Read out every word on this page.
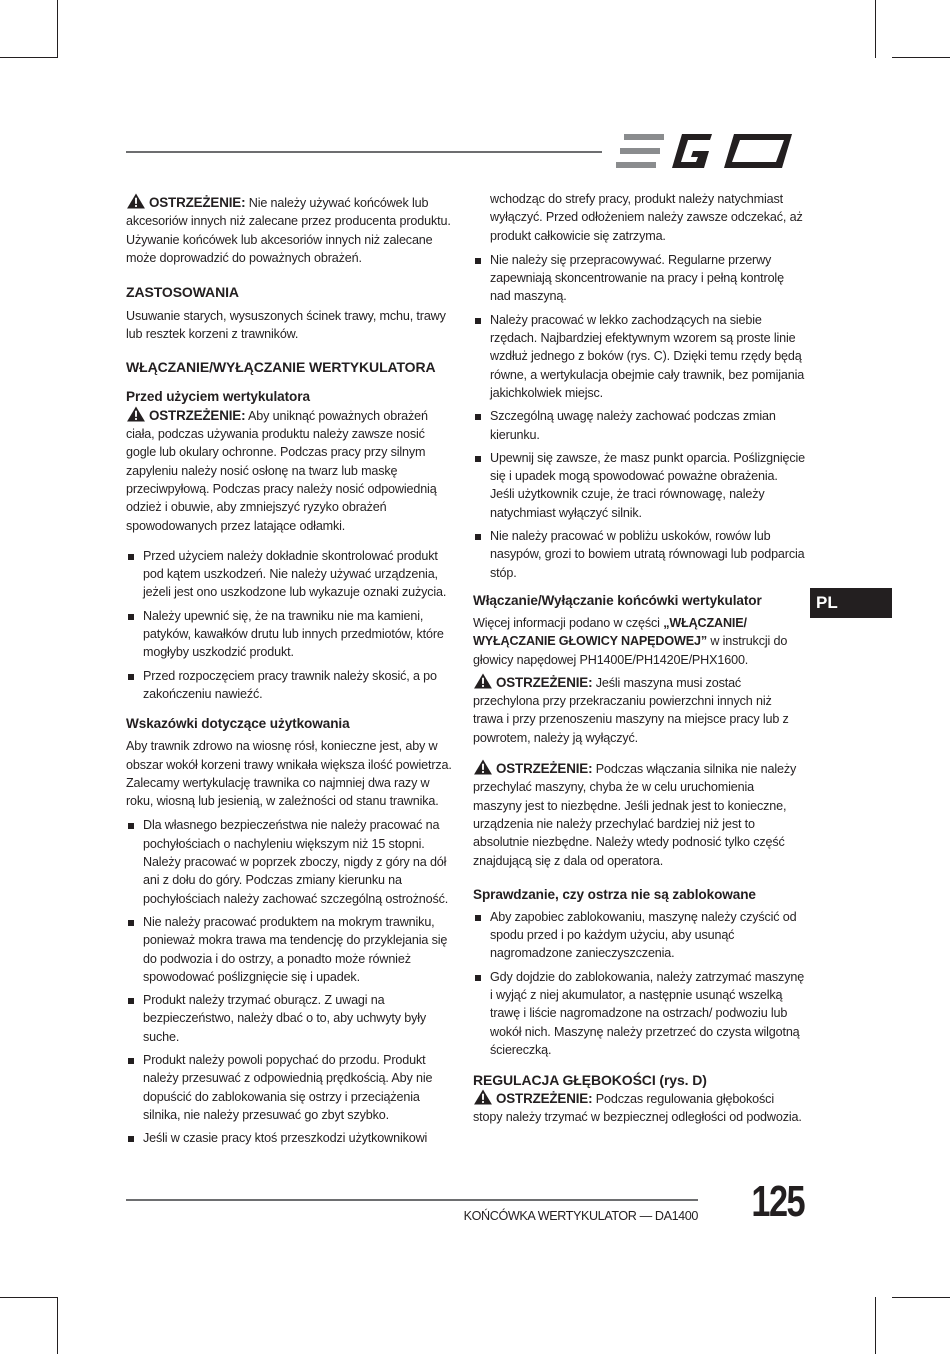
OSTRZEŻENIE: Nie należy używać końcówek lub akcesoriów innych niż zalecane przez producenta produktu. Używanie końcówek lub akcesoriów innych niż zalecane może doprowadzić do poważnych obrażeń.

ZASTOSOWANIA

Usuwanie starych, wysuszonych ścinek trawy, mchu, trawy lub resztek korzeni z trawników.

WŁĄCZANIE/WYŁĄCZANIE WERTYKULATORA
Przed użyciem wertykulatora

OSTRZEŻENIE: Aby uniknąć poważnych obrażeń ciała, podczas używania produktu należy zawsze nosić gogle lub okulary ochronne. Podczas pracy przy silnym zapyleniu należy nosić osłonę na twarz lub maskę przeciwpyłową. Podczas pracy należy nosić odpowiednią odzież i obuwie, aby zmniejszyć ryzyko obrażeń spowodowanych przez latające odłamki.

Przed użyciem należy dokładnie skontrolować produkt pod kątem uszkodzeń. Nie należy używać urządzenia, jeżeli jest ono uszkodzone lub wykazuje oznaki zużycia.
Należy upewnić się, że na trawniku nie ma kamieni, patyków, kawałków drutu lub innych przedmiotów, które mogłyby uszkodzić produkt.
Przed rozpoczęciem pracy trawnik należy skosić, a po zakończeniu nawieźć.
Wskazówki dotyczące użytkowania

Aby trawnik zdrowo na wiosnę rósł, konieczne jest, aby w obszar wokół korzeni trawy wnikała większa ilość powietrza. Zalecamy wertykulację trawnika co najmniej dwa razy w roku, wiosną lub jesienią, w zależności od stanu trawnika.

Dla własnego bezpieczeństwa nie należy pracować na pochyłościach o nachyleniu większym niż 15 stopni. Należy pracować w poprzek zboczy, nigdy z góry na dół ani z dołu do góry. Podczas zmiany kierunku na pochyłościach należy zachować szczególną ostrożność.
Nie należy pracować produktem na mokrym trawniku, ponieważ mokra trawa ma tendencję do przyklejania się do podwozia i do ostrzy, a ponadto może również spowodować poślizgnięcie się i upadek.
Produkt należy trzymać oburącz. Z uwagi na bezpieczeństwo, należy dbać o to, aby uchwyty były suche.
Produkt należy powoli popychać do przodu. Produkt należy przesuwać z odpowiednią prędkością. Aby nie dopuścić do zablokowania się ostrzy i przeciążenia silnika, nie należy przesuwać go zbyt szybko.
Jeśli w czasie pracy ktoś przeszkodzi użytkownikowi

wchodząc do strefy pracy, produkt należy natychmiast wyłączyć. Przed odłożeniem należy zawsze odczekać, aż produkt całkowicie się zatrzyma.

Nie należy się przepracowywać. Regularne przerwy zapewniają skoncentrowanie na pracy i pełną kontrolę nad maszyną.
Należy pracować w lekko zachodzących na siebie rzędach. Najbardziej efektywnym wzorem są proste linie wzdłuż jednego z boków (rys. C). Dzięki temu rzędy będą równe, a wertykulacja obejmie cały trawnik, bez pomijania jakichkolwiek miejsc.
Szczególną uwagę należy zachować podczas zmian kierunku.
Upewnij się zawsze, że masz punkt oparcia. Poślizgnięcie się i upadek mogą spowodować poważne obrażenia. Jeśli użytkownik czuje, że traci równowagę, należy natychmiast wyłączyć silnik.
Nie należy pracować w pobliżu uskoków, rowów lub nasypów, grozi to bowiem utratą równowagi lub podparcia stóp.
Włączanie/Wyłączanie końcówki wertykulator

Więcej informacji podano w części „WŁĄCZANIE/ WYŁĄCZANIE GŁOWICY NAPĘDOWEJ” w instrukcji do głowicy napędowej PH1400E/PH1420E/PHX1600.

OSTRZEŻENIE: Jeśli maszyna musi zostać przechylona przy przekraczaniu powierzchni innych niż trawa i przy przenoszeniu maszyny na miejsce pracy lub z powrotem, należy ją wyłączyć.

OSTRZEŻENIE: Podczas włączania silnika nie należy przechylać maszyny, chyba że w celu uruchomienia maszyny jest to niezbędne. Jeśli jednak jest to konieczne, urządzenia nie należy przechylać bardziej niż jest to absolutnie niezbędne. Należy wtedy podnosić tylko część znajdującą się z dala od operatora.

Sprawdzanie, czy ostrza nie są zablokowane
Aby zapobiec zablokowaniu, maszynę należy czyścić od spodu przed i po każdym użyciu, aby usunąć nagromadzone zanieczyszczenia.
Gdy dojdzie do zablokowania, należy zatrzymać maszynę i wyjąć z niej akumulator, a następnie usunąć wszelką trawę i liście nagromadzone na ostrzach/ podwoziu lub wokół nich. Maszynę należy przetrzeć do czysta wilgotną ściereczką.
REGULACJA GŁĘBOKOŚCI (rys. D)

OSTRZEŻENIE: Podczas regulowania głębokości stopy należy trzymać w bezpiecznej odległości od podwozia.

PL
KOŃCÓWKA WERTYKULATOR — DA1400	125
